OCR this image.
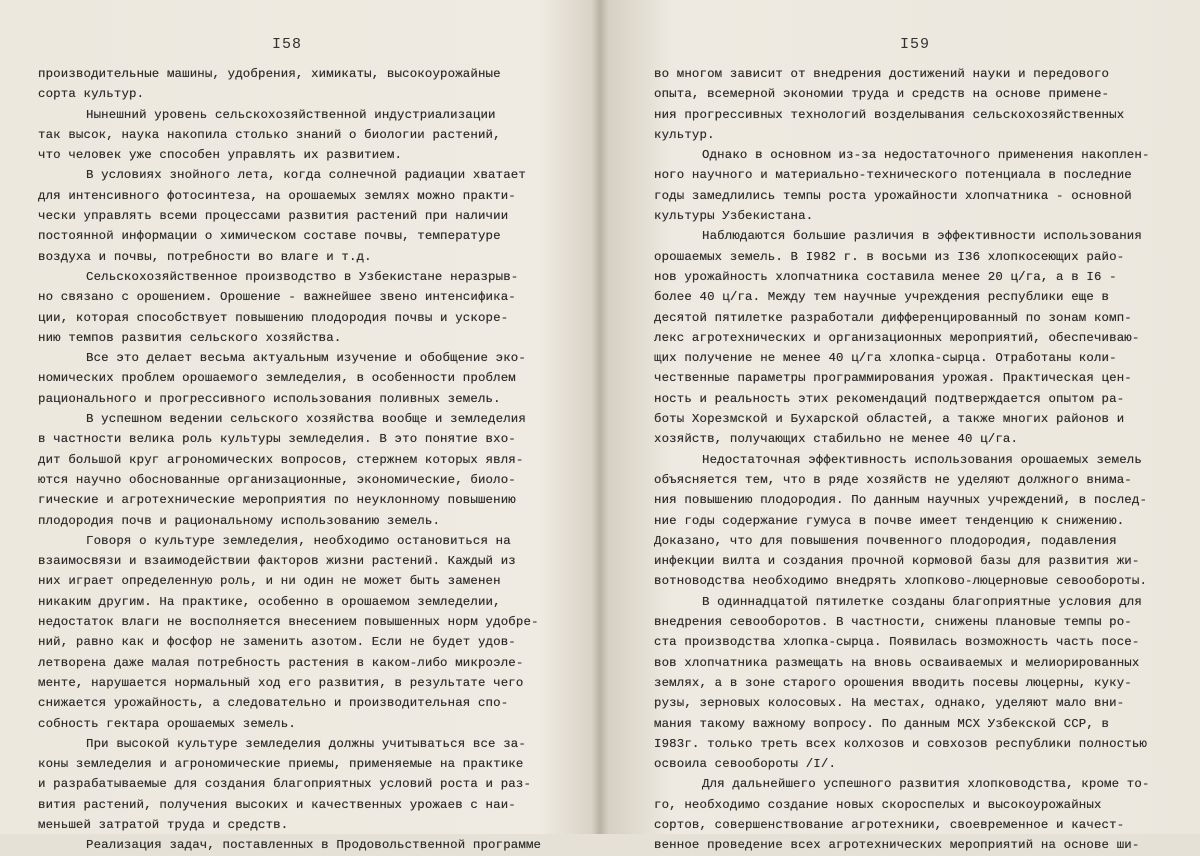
I58
производительные машины, удобрения, химикаты, высокоурожайные
сорта культур.
Нынешний уровень сельскохозяйственной индустриализации
так высок, наука накопила столько знаний о биологии растений,
что человек уже способен управлять их развитием.
В условиях знойного лета, когда солнечной радиации хватает
для интенсивного фотосинтеза, на орошаемых землях можно практи-
чески управлять всеми процессами развития растений при наличии
постоянной информации о химическом составе почвы, температуре
воздуха и почвы, потребности во влаге и т.д.
Сельскохозяйственное производство в Узбекистане неразрыв-
но связано с орошением. Орошение - важнейшее звено интенсифика-
ции, которая способствует повышению плодородия почвы и ускоре-
нию темпов развития сельского хозяйства.
Все это делает весьма актуальным изучение и обобщение эко-
номических проблем орошаемого земледелия, в особенности проблем
рационального и прогрессивного использования поливных земель.
В успешном ведении сельского хозяйства вообще и земледелия
в частности велика роль культуры земледелия. В это понятие вхо-
дит большой круг агрономических вопросов, стержнем которых явля-
ются научно обоснованные организационные, экономические, биоло-
гические и агротехнические мероприятия по неуклонному повышению
плодородия почв и рациональному использованию земель.
Говоря о культуре земледелия, необходимо остановиться на
взаимосвязи и взаимодействии факторов жизни растений. Каждый из
них играет определенную роль, и ни один не может быть заменен
никаким другим. На практике, особенно в орошаемом земледелии,
недостаток влаги не восполняется внесением повышенных норм удобре-
ний, равно как и фосфор не заменить азотом. Если не будет удов-
летворена даже малая потребность растения в каком-либо микроэле-
менте, нарушается нормальный ход его развития, в результате чего
снижается урожайность, а следовательно и производительная спо-
собность гектара орошаемых земель.
При высокой культуре земледелия должны учитываться все за-
коны земледелия и агрономические приемы, применяемые на практике
и разрабатываемые для создания благоприятных условий роста и раз-
вития растений, получения высоких и качественных урожаев с наи-
меньшей затратой труда и средств.
Реализация задач, поставленных в Продовольственной программе
I59
во многом зависит от внедрения достижений науки и передового
опыта, всемерной экономии труда и средств на основе примене-
ния прогрессивных технологий возделывания сельскохозяйственных
культур.
Однако в основном из-за недостаточного применения накоплен-
ного научного и материально-технического потенциала в последние
годы замедлились темпы роста урожайности хлопчатника - основной
культуры Узбекистана.
Наблюдаются большие различия в эффективности использования
орошаемых земель. В I982 г. в восьми из I36 хлопкосеющих райо-
нов урожайность хлопчатника составила менее 20 ц/га, а в I6 -
более 40 ц/га. Между тем научные учреждения республики еще в
десятой пятилетке разработали дифференцированный по зонам комп-
лекс агротехнических и организационных мероприятий, обеспечиваю-
щих получение не менее 40 ц/га хлопка-сырца. Отработаны коли-
чественные параметры программирования урожая. Практическая цен-
ность и реальность этих рекомендаций подтверждается опытом ра-
боты Хорезмской и Бухарской областей, а также многих районов и
хозяйств, получающих стабильно не менее 40 ц/га.
Недостаточная эффективность использования орошаемых земель
объясняется тем, что в ряде хозяйств не уделяют должного внима-
ния повышению плодородия. По данным научных учреждений, в послед-
ние годы содержание гумуса в почве имеет тенденцию к снижению.
Доказано, что для повышения почвенного плодородия, подавления
инфекции вилта и создания прочной кормовой базы для развития жи-
вотноводства необходимо внедрять хлопково-люцерновые севообороты.
В одиннадцатой пятилетке созданы благоприятные условия для
внедрения севооборотов. В частности, снижены плановые темпы ро-
ста производства хлопка-сырца. Появилась возможность часть посе-
вов хлопчатника размещать на вновь осваиваемых и мелиорированных
землях, а в зоне старого орошения вводить посевы люцерны, куку-
рузы, зерновых колосовых. На местах, однако, уделяют мало вни-
мания такому важному вопросу. По данным МСХ Узбекской ССР, в
I983г. только треть всех колхозов и совхозов республики полностью
освоила севообороты /I/.
Для дальнейшего успешного развития хлопководства, кроме то-
го, необходимо создание новых скороспелых и высокоурожайных
сортов, совершенствование агротехники, своевременное и качест-
венное проведение всех агротехнических мероприятий на основе ши-
